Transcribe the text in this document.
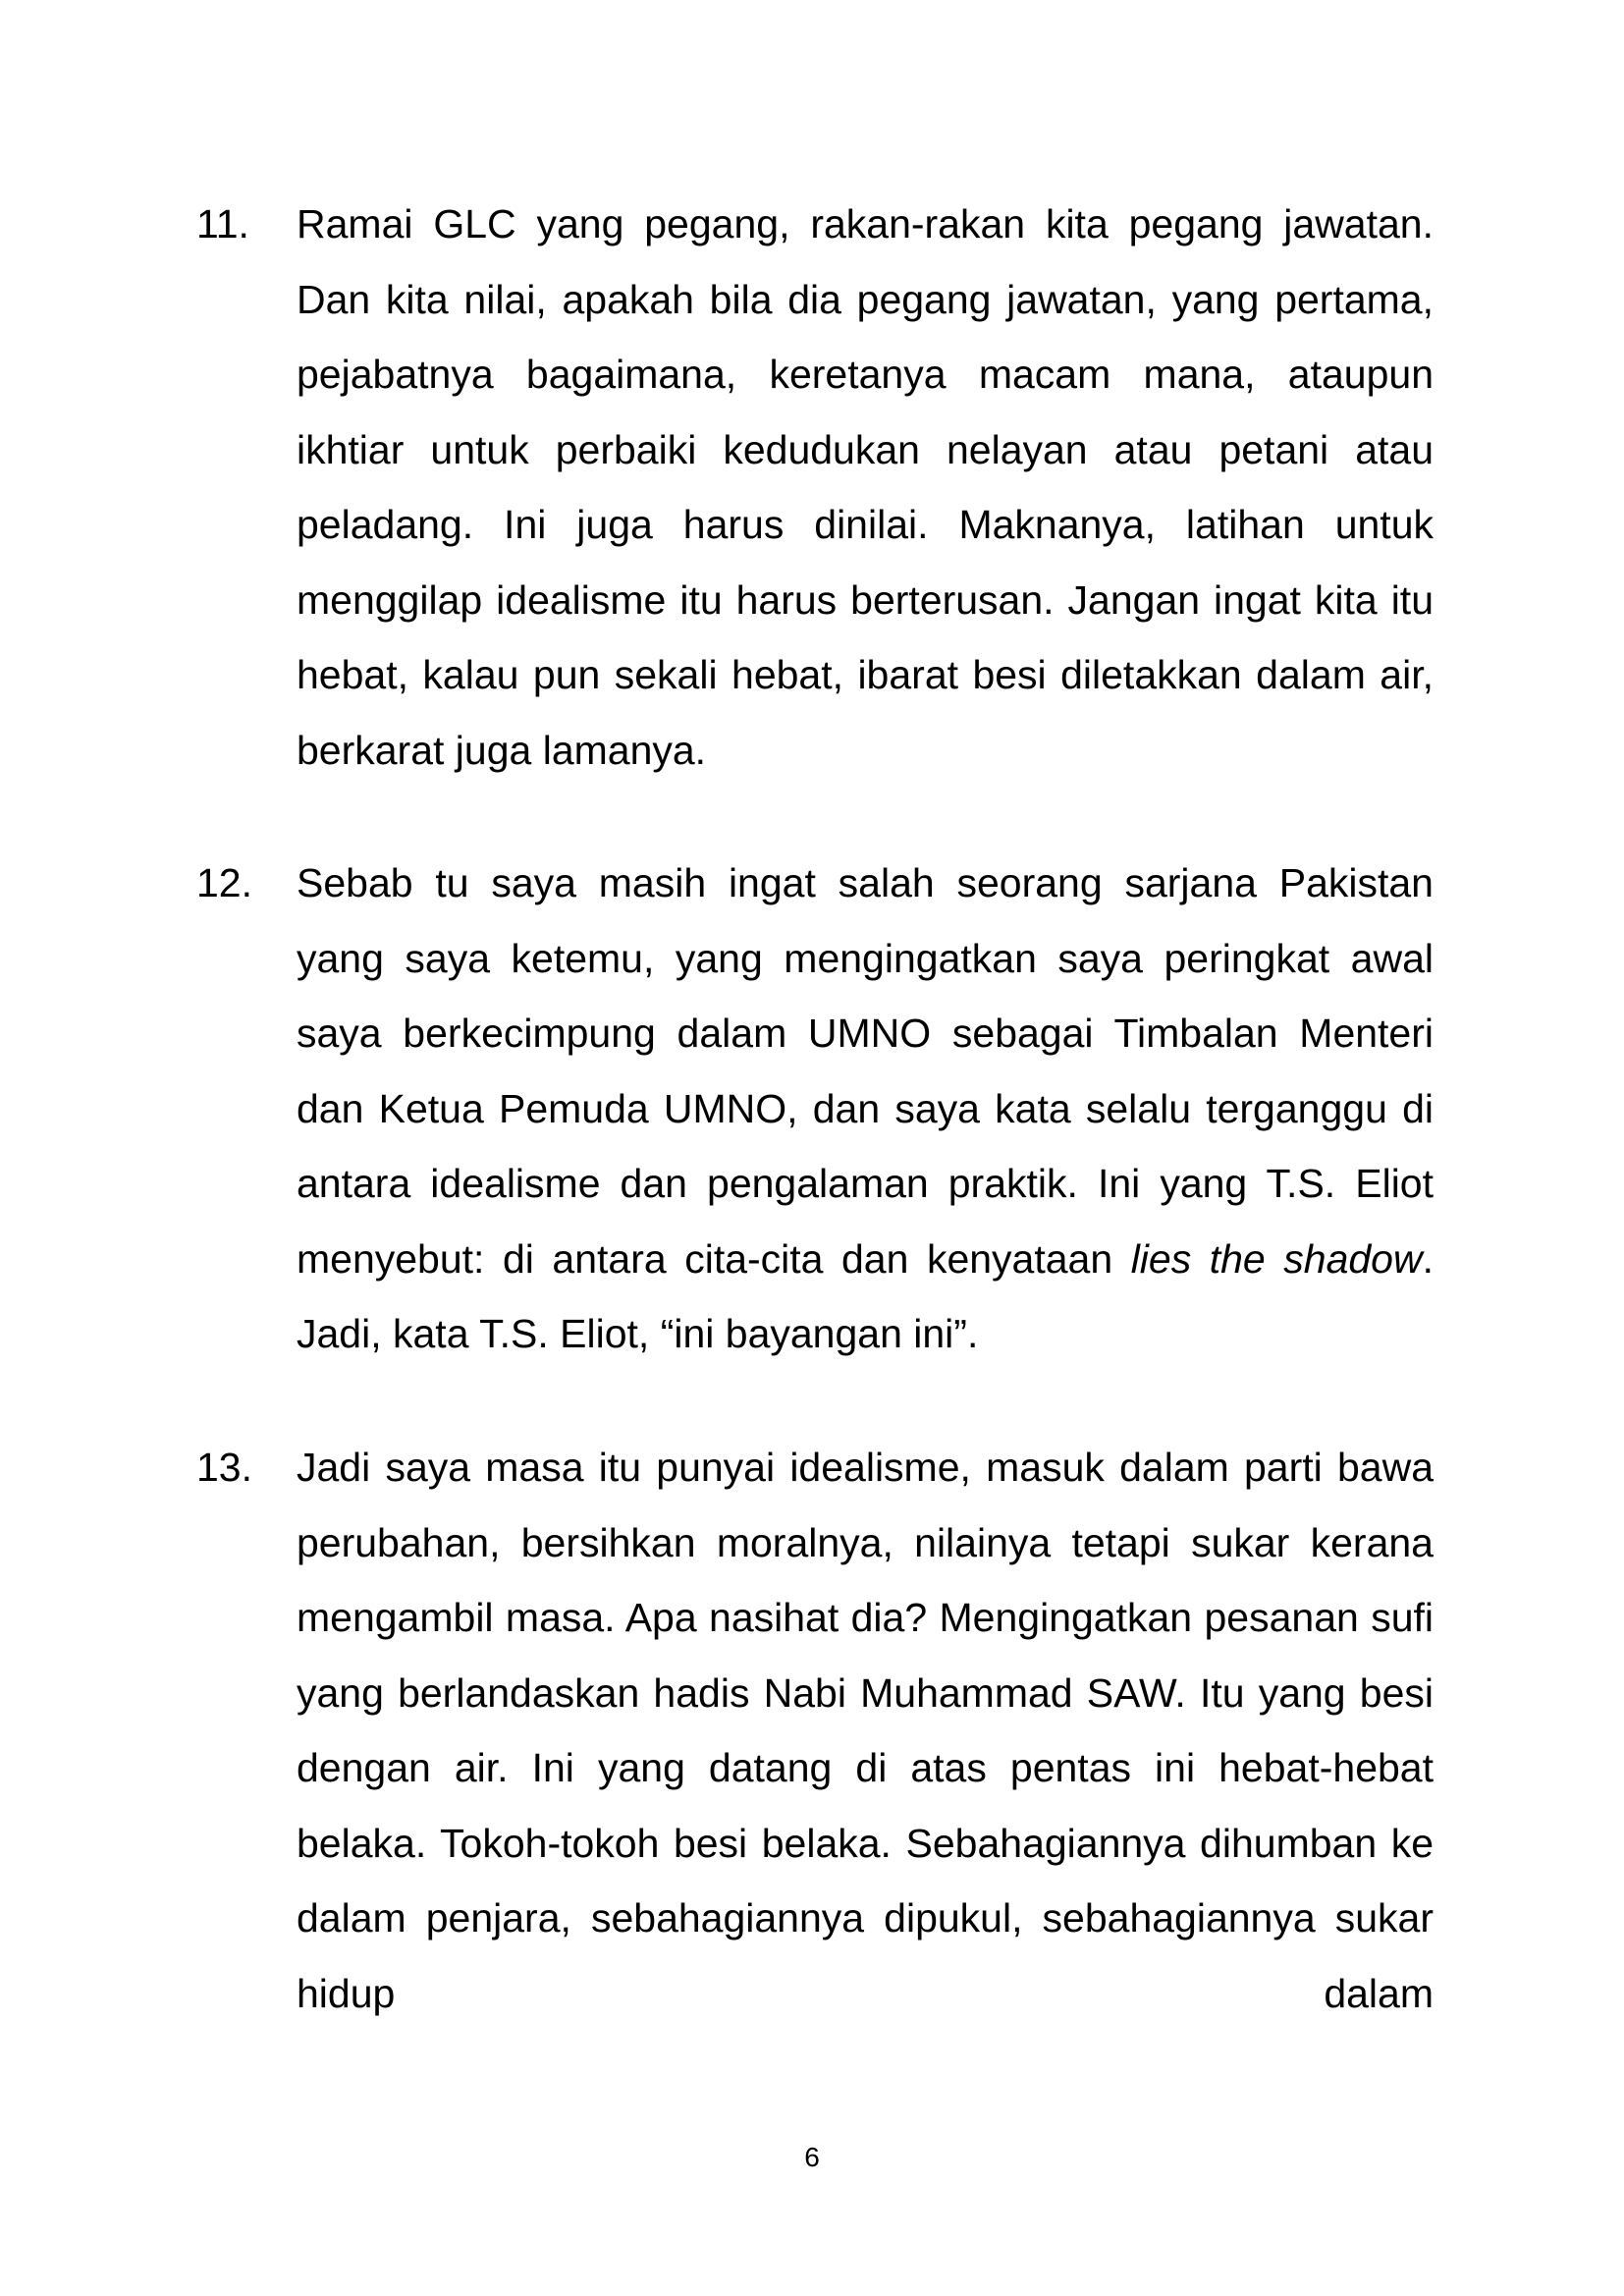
11.	Ramai GLC yang pegang, rakan-rakan kita pegang jawatan. Dan kita nilai, apakah bila dia pegang jawatan, yang pertama, pejabatnya bagaimana, keretanya macam mana, ataupun ikhtiar untuk perbaiki kedudukan nelayan atau petani atau peladang. Ini juga harus dinilai. Maknanya, latihan untuk menggilap idealisme itu harus berterusan. Jangan ingat kita itu hebat, kalau pun sekali hebat, ibarat besi diletakkan dalam air, berkarat juga lamanya.

12.	Sebab tu saya masih ingat salah seorang sarjana Pakistan yang saya ketemu, yang mengingatkan saya peringkat awal saya berkecimpung dalam UMNO sebagai Timbalan Menteri dan Ketua Pemuda UMNO, dan saya kata selalu terganggu di antara idealisme dan pengalaman praktik. Ini yang T.S. Eliot menyebut: di antara cita-cita dan kenyataan lies the shadow. Jadi, kata T.S. Eliot, “ini bayangan ini”.

13.	Jadi saya masa itu punyai idealisme, masuk dalam parti bawa perubahan, bersihkan moralnya, nilainya tetapi sukar kerana mengambil masa. Apa nasihat dia? Mengingatkan pesanan sufi yang berlandaskan hadis Nabi Muhammad SAW. Itu yang besi dengan air. Ini yang datang di atas pentas ini hebat-hebat belaka. Tokoh-tokoh besi belaka. Sebahagiannya dihumban ke dalam penjara, sebahagiannya dipukul, sebahagiannya sukar hidup dalam

6
